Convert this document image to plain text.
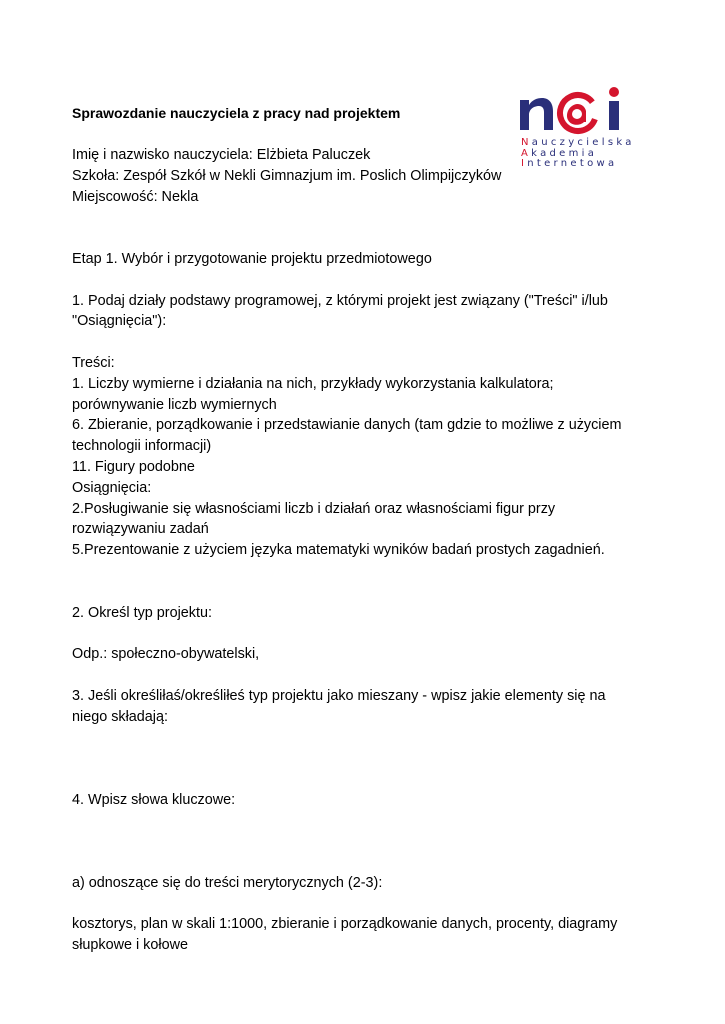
Sprawozdanie nauczyciela z pracy nad projektem
Nauczycielska
Akademia
Internetowa
Imię i nazwisko nauczyciela: Elżbieta Paluczek
Szkoła: Zespół Szkół w Nekli Gimnazjum im. Poslich Olimpijczyków
Miejscowość: Nekla
Etap 1. Wybór i przygotowanie projektu przedmiotowego
1. Podaj działy podstawy programowej, z którymi projekt jest związany ("Treści" i/lub
"Osiągnięcia"):
Treści:
1. Liczby wymierne i działania na nich, przykłady wykorzystania kalkulatora;
porównywanie liczb wymiernych
6. Zbieranie, porządkowanie i przedstawianie danych (tam gdzie to możliwe z użyciem
technologii informacji)
11. Figury podobne
Osiągnięcia:
2.Posługiwanie się własnościami liczb i działań oraz własnościami figur przy
rozwiązywaniu zadań
5.Prezentowanie z użyciem języka matematyki wyników badań prostych zagadnień.
2. Określ typ projektu:
Odp.: społeczno-obywatelski,
3. Jeśli określiłaś/określiłeś typ projektu jako mieszany - wpisz jakie elementy się na
niego składają:
4. Wpisz słowa kluczowe:
a) odnoszące się do treści merytorycznych (2-3):
kosztorys, plan w skali 1:1000, zbieranie i porządkowanie danych, procenty, diagramy
słupkowe i kołowe
